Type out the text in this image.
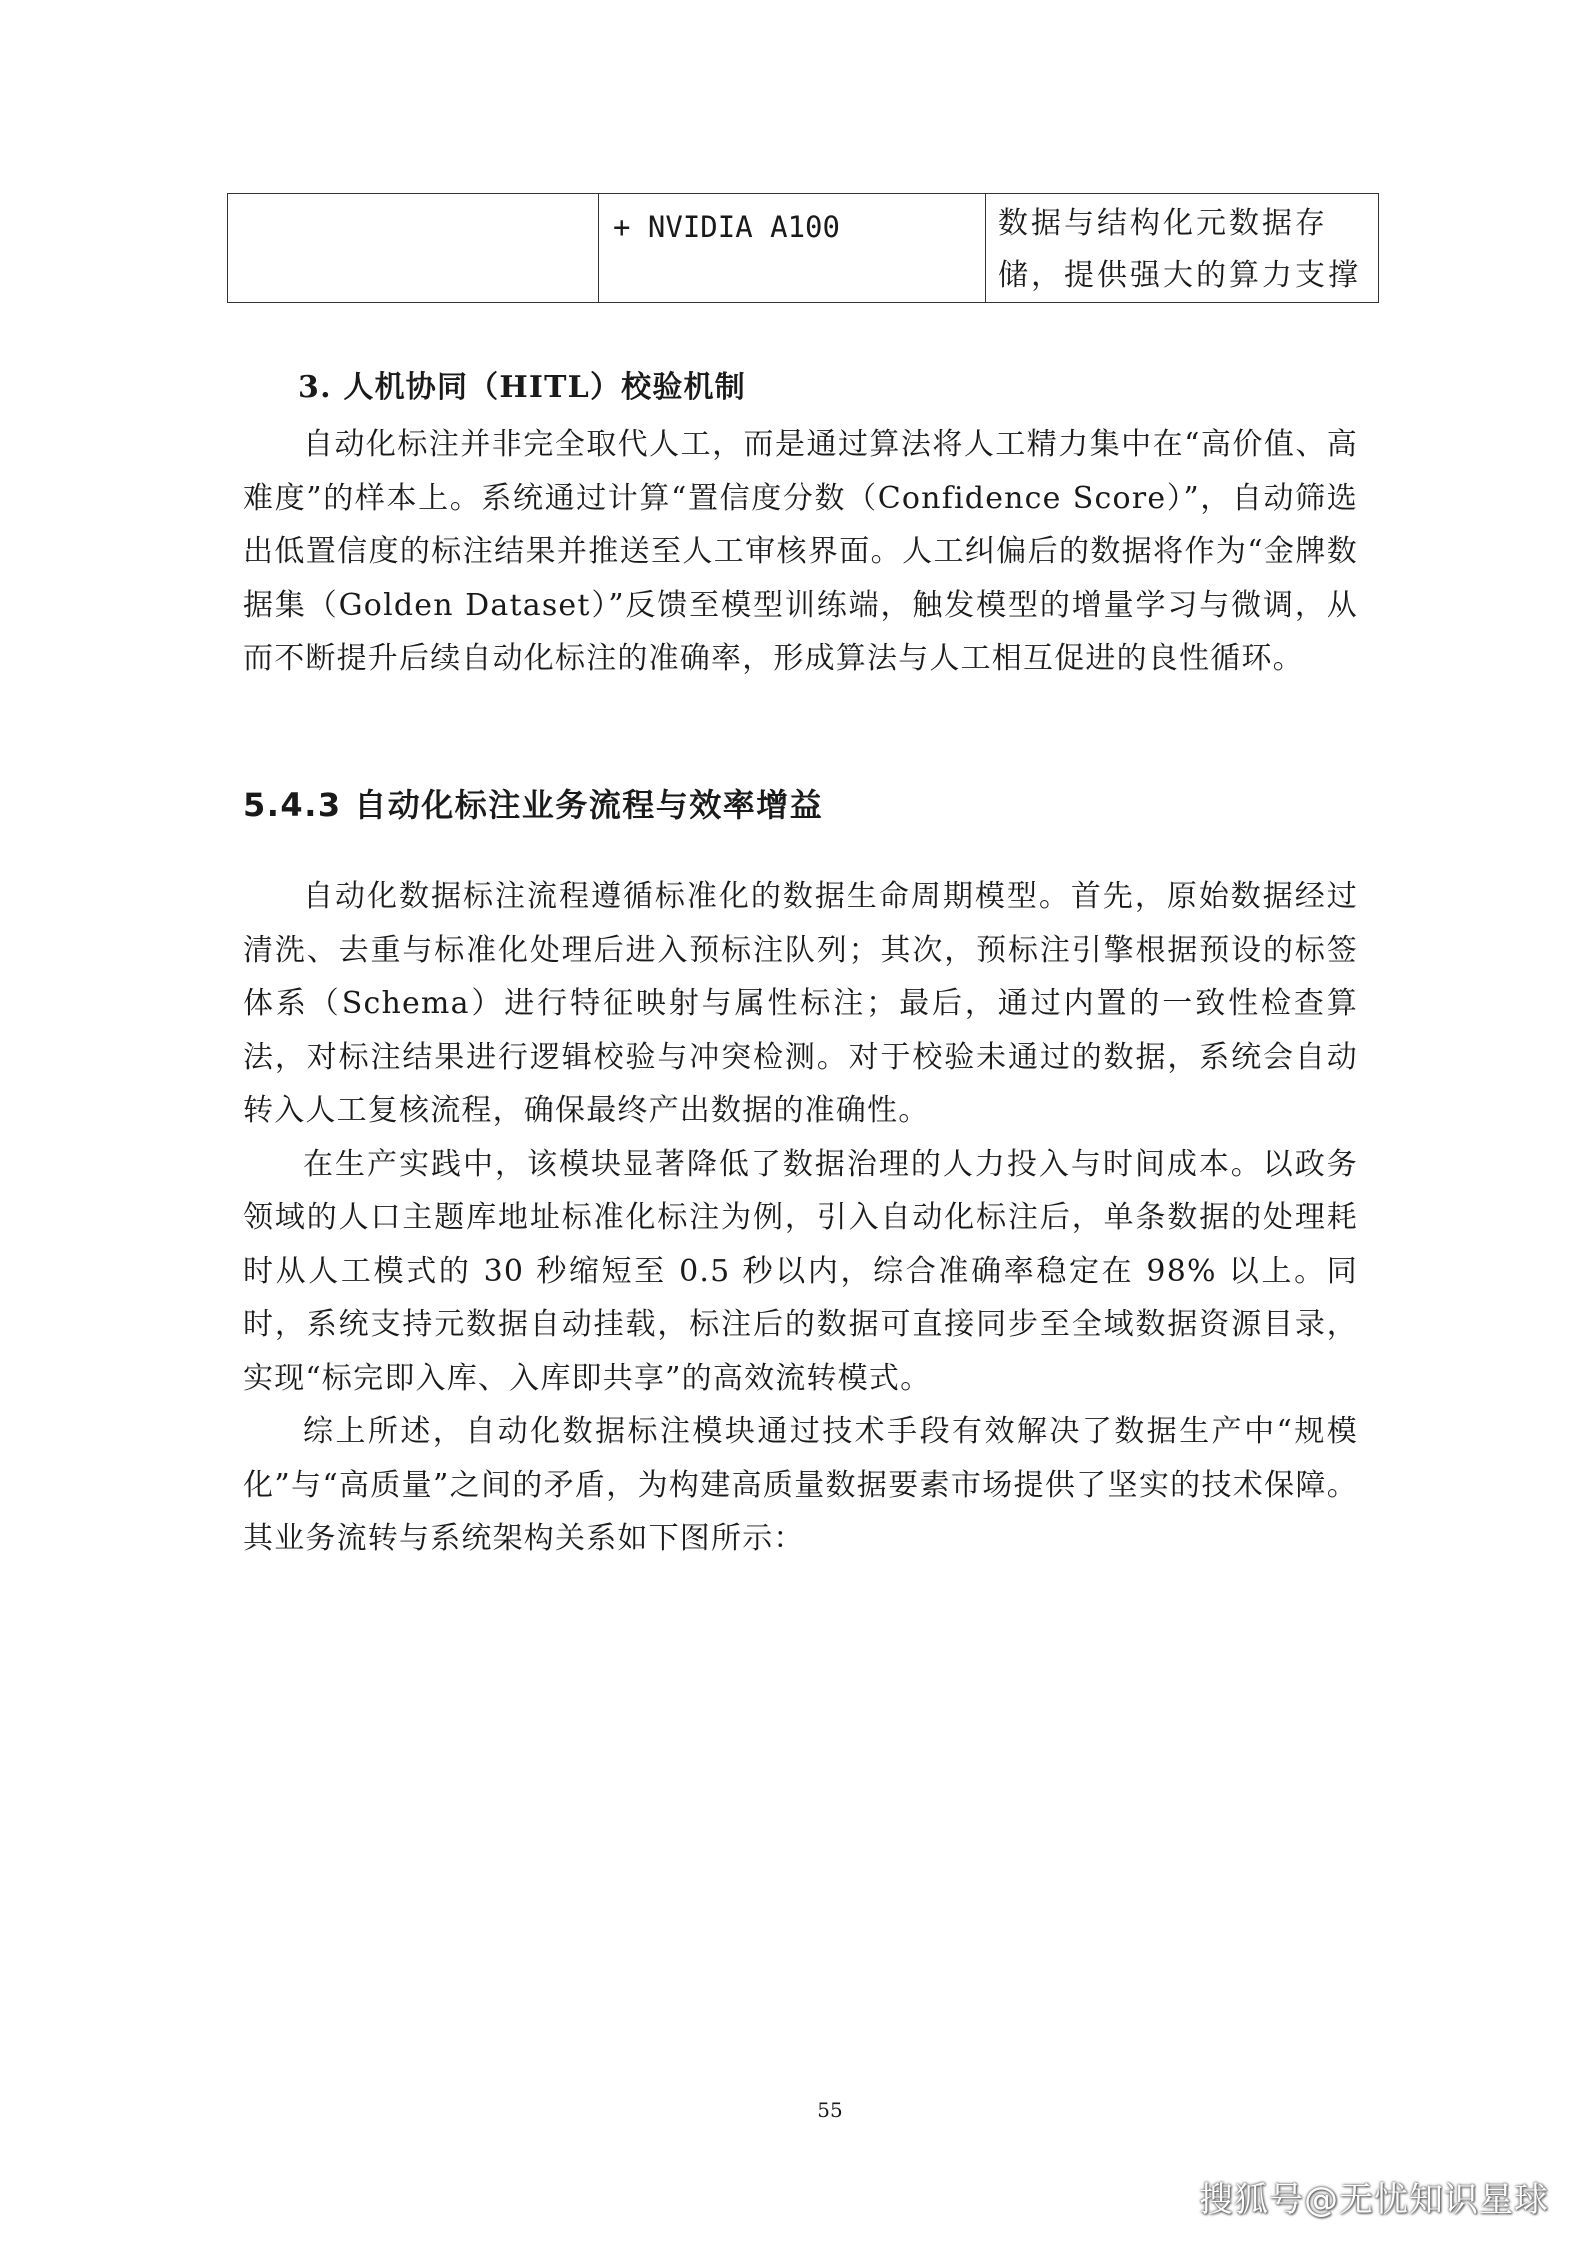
	+ NVIDIA A100	数据与结构化元数据存储，提供强大的算力支撑
3. 人机协同（HITL）校验机制

自动化标注并非完全取代人工，而是通过算法将人工精力集中在“高价值、高难度”的样本上。系统通过计算“置信度分数（Confidence Score）”，自动筛选出低置信度的标注结果并推送至人工审核界面。人工纠偏后的数据将作为“金牌数据集（Golden Dataset）”反馈至模型训练端，触发模型的增量学习与微调，从而不断提升后续自动化标注的准确率，形成算法与人工相互促进的良性循环。

5.4.3 自动化标注业务流程与效率增益

自动化数据标注流程遵循标准化的数据生命周期模型。首先，原始数据经过清洗、去重与标准化处理后进入预标注队列；其次，预标注引擎根据预设的标签体系（Schema）进行特征映射与属性标注；最后，通过内置的一致性检查算法，对标注结果进行逻辑校验与冲突检测。对于校验未通过的数据，系统会自动转入人工复核流程，确保最终产出数据的准确性。

在生产实践中，该模块显著降低了数据治理的人力投入与时间成本。以政务领域的人口主题库地址标准化标注为例，引入自动化标注后，单条数据的处理耗时从人工模式的 30 秒缩短至 0.5 秒以内，综合准确率稳定在 98% 以上。同时，系统支持元数据自动挂载，标注后的数据可直接同步至全域数据资源目录，实现“标完即入库、入库即共享”的高效流转模式。

综上所述，自动化数据标注模块通过技术手段有效解决了数据生产中“规模化”与“高质量”之间的矛盾，为构建高质量数据要素市场提供了坚实的技术保障。其业务流转与系统架构关系如下图所示：

55
搜狐号@无忧知识星球
